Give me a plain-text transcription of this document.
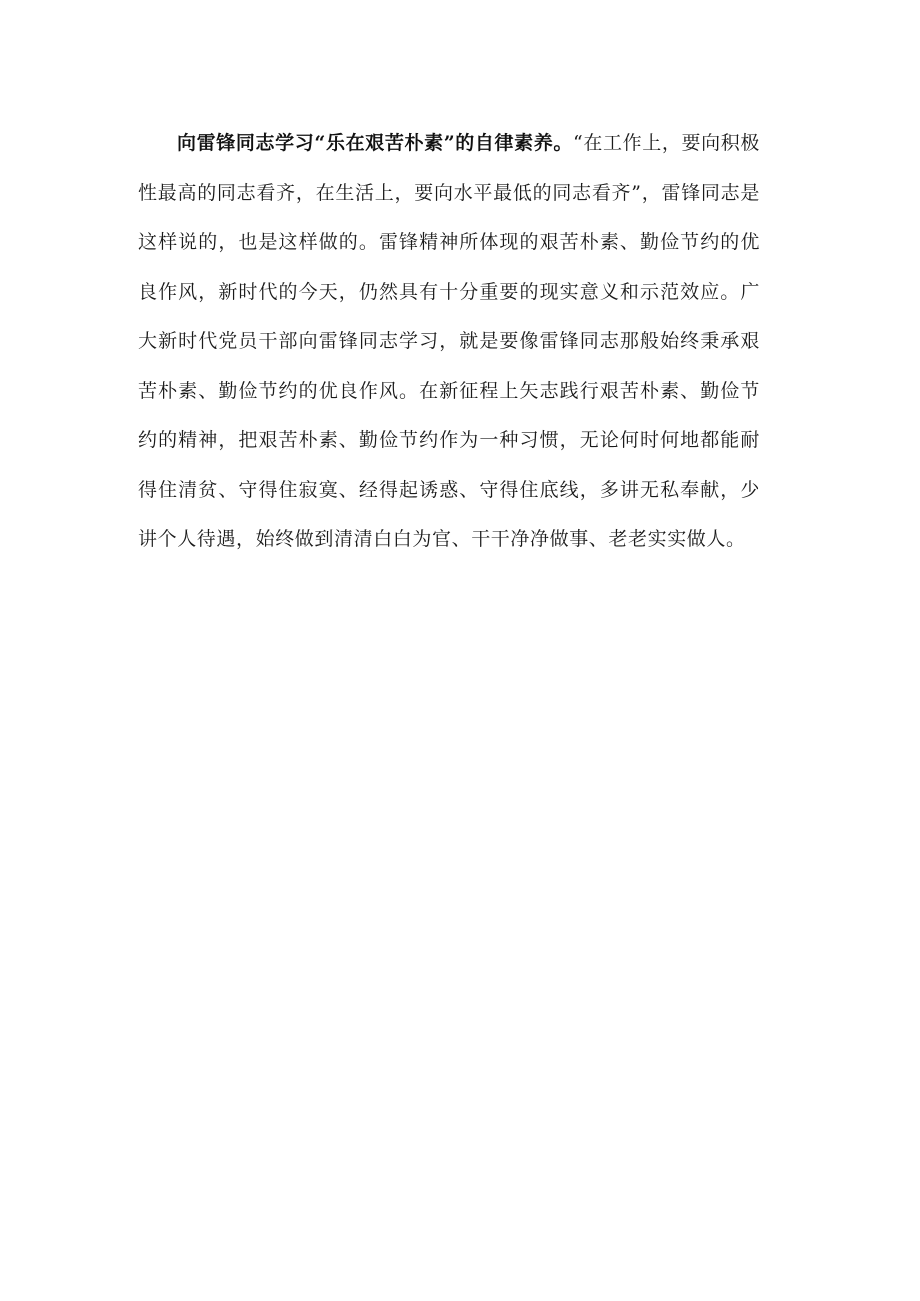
向雷锋同志学习“乐在艰苦朴素”的自律素养。“在工作上，要向积极性最高的同志看齐，在生活上，要向水平最低的同志看齐”，雷锋同志是这样说的，也是这样做的。雷锋精神所体现的艰苦朴素、勤俭节约的优良作风，新时代的今天，仍然具有十分重要的现实意义和示范效应。广大新时代党员干部向雷锋同志学习，就是要像雷锋同志那般始终秉承艰苦朴素、勤俭节约的优良作风。在新征程上矢志践行艰苦朴素、勤俭节约的精神，把艰苦朴素、勤俭节约作为一种习惯，无论何时何地都能耐得住清贫、守得住寂寞、经得起诱惑、守得住底线，多讲无私奉献，少讲个人待遇，始终做到清清白白为官、干干净净做事、老老实实做人。
